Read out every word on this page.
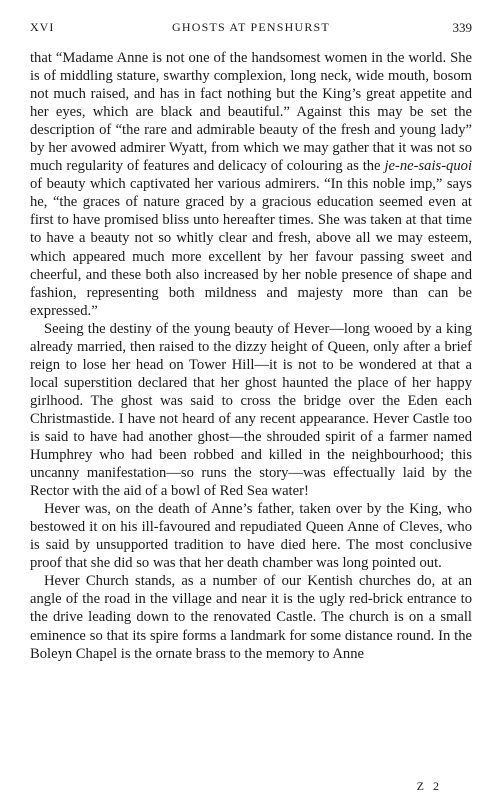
XVI	GHOSTS AT PENSHURST	339

that “Madame Anne is not one of the handsomest women in the world. She is of middling stature, swarthy complexion, long neck, wide mouth, bosom not much raised, and has in fact nothing but the King’s great appetite and her eyes, which are black and beautiful.” Against this may be set the description of “the rare and admirable beauty of the fresh and young lady” by her avowed admirer Wyatt, from which we may gather that it was not so much regularity of features and delicacy of colouring as the je-ne-sais-quoi of beauty which captivated her various admirers. “In this noble imp,” says he, “the graces of nature graced by a gracious education seemed even at first to have promised bliss unto hereafter times. She was taken at that time to have a beauty not so whitly clear and fresh, above all we may esteem, which appeared much more excellent by her favour passing sweet and cheerful, and these both also increased by her noble presence of shape and fashion, representing both mildness and majesty more than can be expressed.”

Seeing the destiny of the young beauty of Hever—long wooed by a king already married, then raised to the dizzy height of Queen, only after a brief reign to lose her head on Tower Hill—it is not to be wondered at that a local superstition declared that her ghost haunted the place of her happy girlhood. The ghost was said to cross the bridge over the Eden each Christmastide. I have not heard of any recent appearance. Hever Castle too is said to have had another ghost—the shrouded spirit of a farmer named Humphrey who had been robbed and killed in the neighbourhood; this uncanny manifestation—so runs the story—was effectually laid by the Rector with the aid of a bowl of Red Sea water!

Hever was, on the death of Anne’s father, taken over by the King, who bestowed it on his ill-favoured and repudiated Queen Anne of Cleves, who is said by unsupported tradition to have died here. The most conclusive proof that she did so was that her death chamber was long pointed out.

Hever Church stands, as a number of our Kentish churches do, at an angle of the road in the village and near it is the ugly red-brick entrance to the drive leading down to the renovated Castle. The church is on a small eminence so that its spire forms a landmark for some distance round. In the Boleyn Chapel is the ornate brass to the memory to Anne

Z 2
